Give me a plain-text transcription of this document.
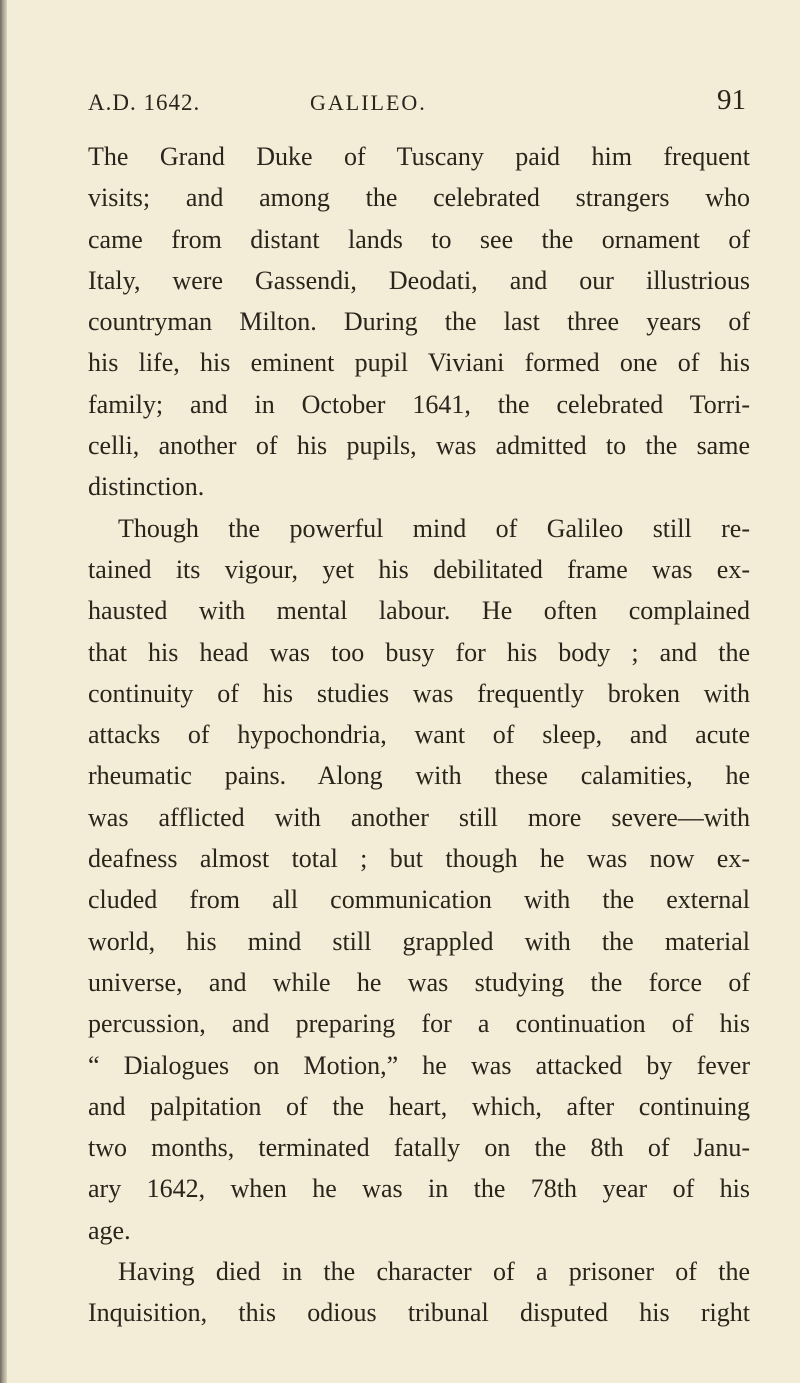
A.D. 1642.	GALILEO.	91
The Grand Duke of Tuscany paid him frequent
visits; and among the celebrated strangers who
came from distant lands to see the ornament of
Italy, were Gassendi, Deodati, and our illustrious
countryman Milton. During the last three years of
his life, his eminent pupil Viviani formed one of his
family; and in October 1641, the celebrated Torri-
celli, another of his pupils, was admitted to the same
distinction.
Though the powerful mind of Galileo still re-
tained its vigour, yet his debilitated frame was ex-
hausted with mental labour. He often complained
that his head was too busy for his body ; and the
continuity of his studies was frequently broken with
attacks of hypochondria, want of sleep, and acute
rheumatic pains. Along with these calamities, he
was afflicted with another still more severe—with
deafness almost total ; but though he was now ex-
cluded from all communication with the external
world, his mind still grappled with the material
universe, and while he was studying the force of
percussion, and preparing for a continuation of his
“ Dialogues on Motion,” he was attacked by fever
and palpitation of the heart, which, after continuing
two months, terminated fatally on the 8th of Janu-
ary 1642, when he was in the 78th year of his
age.
Having died in the character of a prisoner of the
Inquisition, this odious tribunal disputed his right
